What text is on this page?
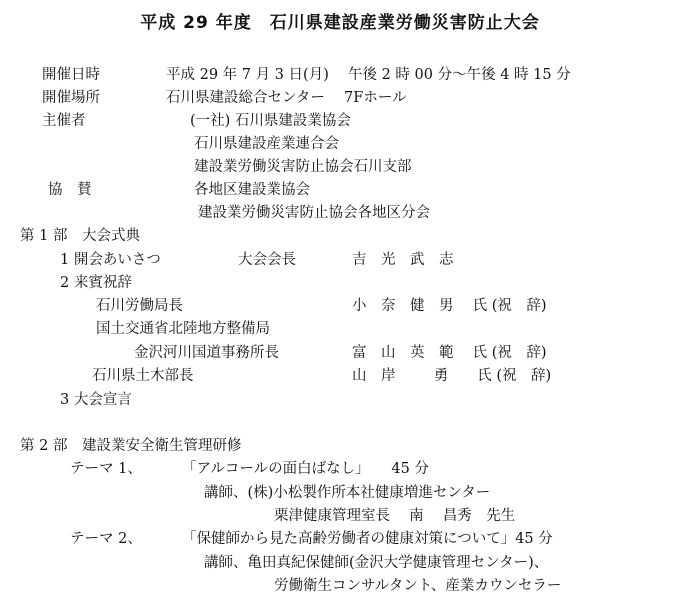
平成 29 年度　石川県建設産業労働災害防止大会
開催日時	平成 29 年 7 月 3 日(月)　 午後 2 時 00 分～午後 4 時 15 分
開催場所	石川県建設総合センター　 7Fホール
主催者	(一社) 石川県建設業協会
石川県建設産業連合会
建設業労働災害防止協会石川支部
協　賛	各地区建設業協会
建設業労働災害防止協会各地区分会
第 1 部　大会式典
1 開会あいさつ	大会会長	吉　光　武　志
2 来賓祝辞
石川労働局長	小　奈　健　男　 氏 (祝　辞)
国土交通省北陸地方整備局
金沢河川国道事務所長	富　山　英　範　 氏 (祝　辞)
石川県土木部長	山　岸　 　 勇　　氏 (祝　辞)
3 大会宣言
第 2 部　建設業安全衛生管理研修
テーマ 1、	「アルコールの面白ばなし」　　45 分
講師、(株)小松製作所本社健康増進センター
栗津健康管理室長　 南　 昌秀　先生
テーマ 2、	「保健師から見た高齢労働者の健康対策について」45 分
講師、亀田真紀保健師(金沢大学健康管理センター)、
労働衛生コンサルタント、産業カウンセラー
